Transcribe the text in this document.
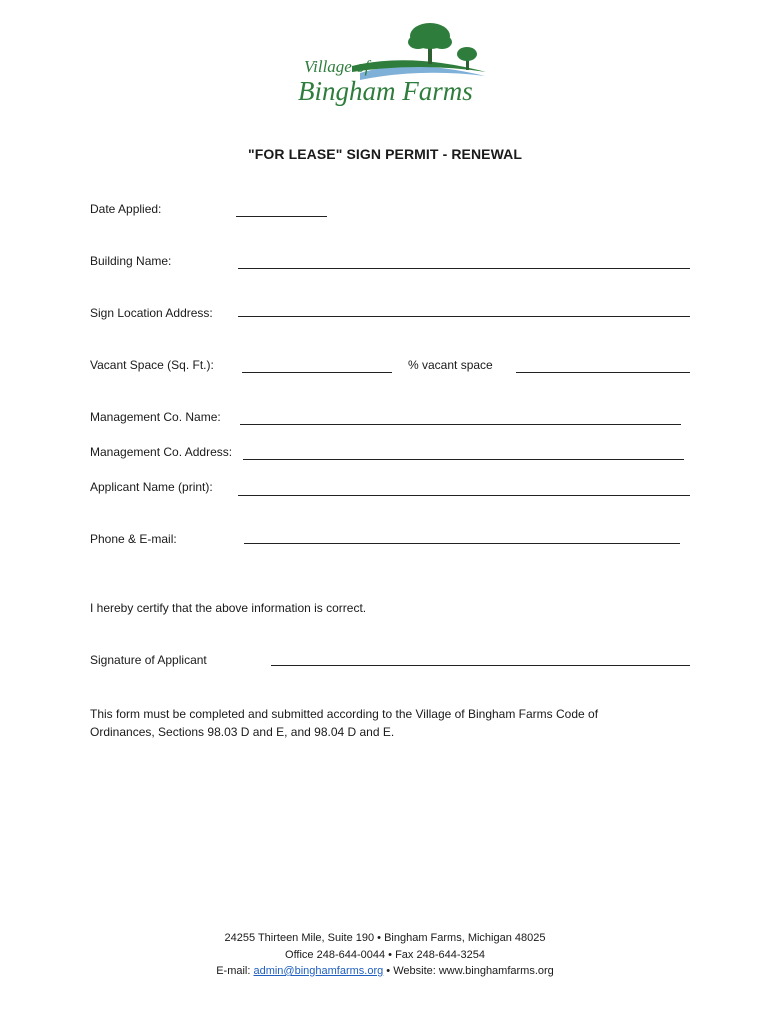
Village of
Bingham Farms
"FOR LEASE" SIGN PERMIT - RENEWAL
Date Applied:
Building Name:
Sign Location Address:
Vacant Space (Sq. Ft.):	% vacant space
Management Co. Name:
Management Co. Address:
Applicant Name (print):
Phone & E-mail:
I hereby certify that the above information is correct.
Signature of Applicant
This form must be completed and submitted according to the Village of Bingham Farms Code of Ordinances, Sections 98.03 D and E, and 98.04 D and E.
24255 Thirteen Mile, Suite 190 • Bingham Farms, Michigan 48025
Office 248-644-0044 • Fax 248-644-3254
E-mail: admin@binghamfarms.org • Website: www.binghamfarms.org
